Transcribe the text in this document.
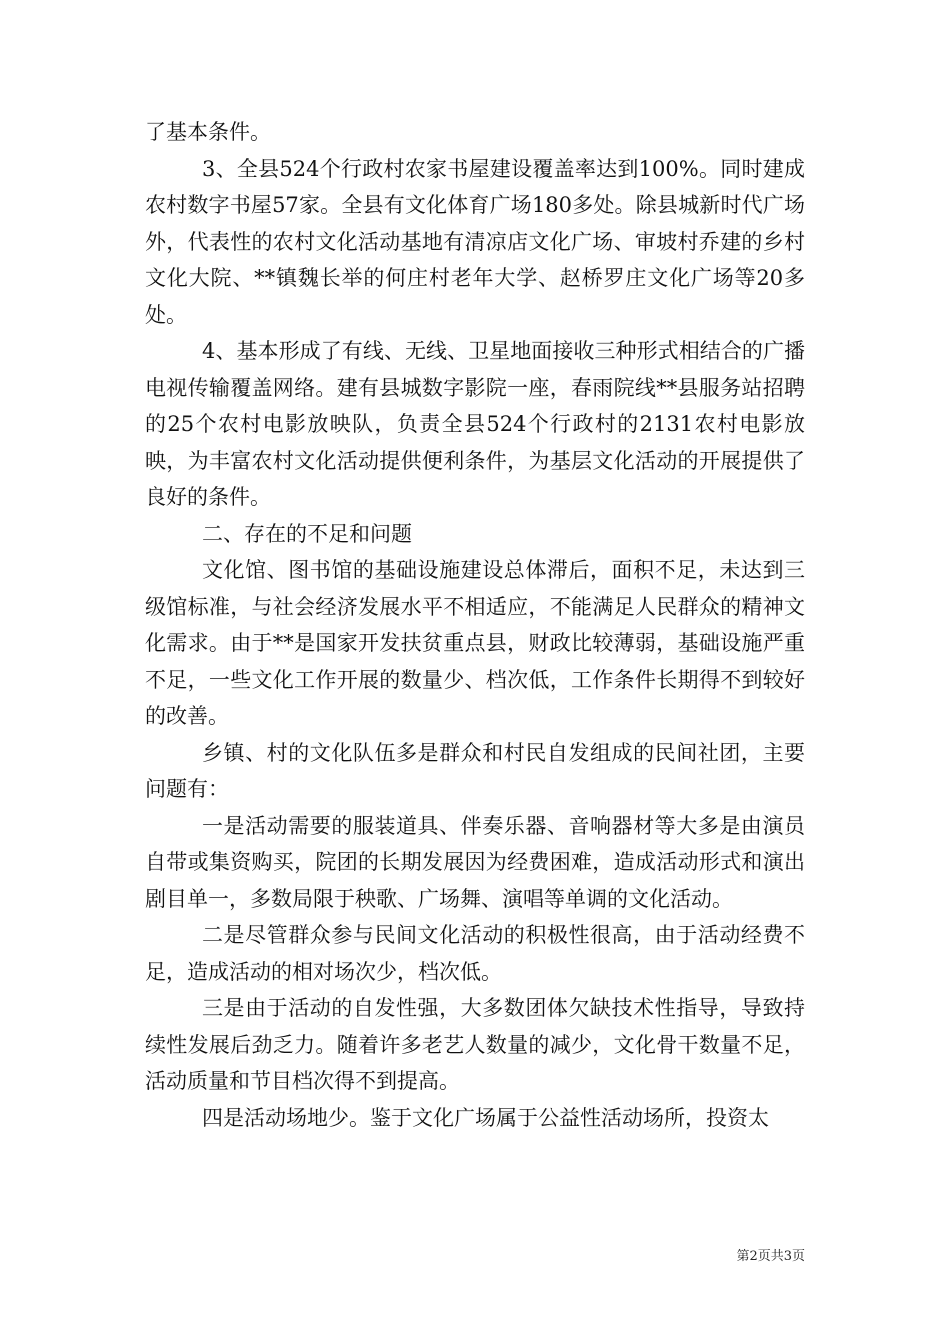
了基本条件。

3、全县524个行政村农家书屋建设覆盖率达到100%。同时建成农村数字书屋57家。全县有文化体育广场180多处。除县城新时代广场外，代表性的农村文化活动基地有清凉店文化广场、审坡村乔建的乡村文化大院、**镇魏长举的何庄村老年大学、赵桥罗庄文化广场等20多处。

4、基本形成了有线、无线、卫星地面接收三种形式相结合的广播电视传输覆盖网络。建有县城数字影院一座，春雨院线**县服务站招聘的25个农村电影放映队，负责全县524个行政村的2131农村电影放映，为丰富农村文化活动提供便利条件，为基层文化活动的开展提供了良好的条件。

二、存在的不足和问题

文化馆、图书馆的基础设施建设总体滞后，面积不足，未达到三级馆标准，与社会经济发展水平不相适应，不能满足人民群众的精神文化需求。由于**是国家开发扶贫重点县，财政比较薄弱，基础设施严重不足，一些文化工作开展的数量少、档次低，工作条件长期得不到较好的改善。

乡镇、村的文化队伍多是群众和村民自发组成的民间社团，主要问题有：

一是活动需要的服装道具、伴奏乐器、音响器材等大多是由演员自带或集资购买，院团的长期发展因为经费困难，造成活动形式和演出剧目单一，多数局限于秧歌、广场舞、演唱等单调的文化活动。

二是尽管群众参与民间文化活动的积极性很高，由于活动经费不足，造成活动的相对场次少，档次低。

三是由于活动的自发性强，大多数团体欠缺技术性指导，导致持续性发展后劲乏力。随着许多老艺人数量的减少，文化骨干数量不足，活动质量和节目档次得不到提高。

四是活动场地少。鉴于文化广场属于公益性活动场所，投资太

第2页共3页
